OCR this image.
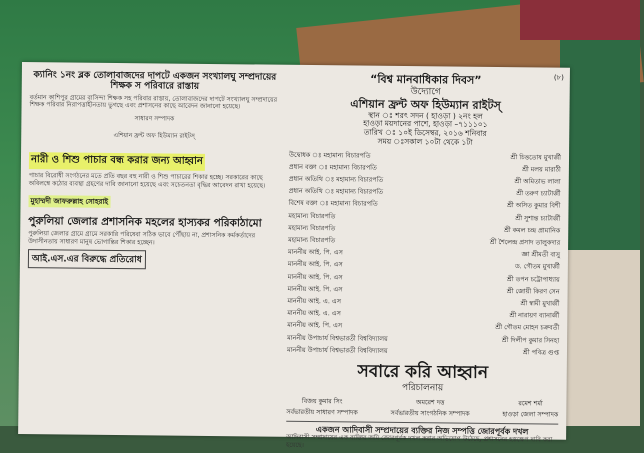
(৮)

ক্যানিং ১নং ব্লক তোলাবাজদের দাপটে একজন সংখ্যালঘু সম্প্রদায়ের শিক্ষক স পরিবারে রাস্তায়

বর্তমান কাশিপুর গ্রামের বাসিন্দা শিক্ষক সহ পরিবার রাস্তায়, তোলাবাজদের দাপটে সংখ্যালঘু সম্প্রদায়ের শিক্ষক পরিবার নিরাপত্তাহীনতায় ভুগছে এবং প্রশাসনের কাছে আবেদন জানানো হয়েছে।

সাধারণ সম্পাদক

এশিয়ান ফ্রন্ট অফ হিউম্যান রাইটস্

নারী ও শিশু পাচার বন্ধ করার জন্য আহ্বান

পাচার বিরোধী সংগঠনের মতে প্রতি বছর বহু নারী ও শিশু পাচারের শিকার হচ্ছে। সরকারের কাছে অবিলম্বে কঠোর ব্যবস্থা গ্রহণের দাবি জানানো হয়েছে এবং সচেতনতা বৃদ্ধির আবেদন রাখা হয়েছে।

মুহাম্মদী জাফরুল্লাহ সোহরাই

পুরুলিয়া জেলার প্রশাসনিক মহলের হাস্যকর পরিকাঠামো

পুরুলিয়া জেলার গ্রামে গ্রামে সরকারি পরিষেবা সঠিক ভাবে পৌঁছায় না, প্রশাসনিক কর্মকর্তাদের উদাসীনতায় সাধারণ মানুষ ভোগান্তির শিকার হচ্ছেন।

আই.এস.এর বিরুদ্ধে প্রতিরোধ

“বিশ্ব মানবাধিকার দিবস”

উদ্যোগে

এশিয়ান ফ্রন্ট অফ হিউম্যান রাইটস্

স্থান ঃ শরৎ সদন ( হাওড়া ) ২নং হল

হাওড়া ময়দানের পাশে, হাওড়া –৭১১১০১

তারিখ ঃ ১০ই ডিসেম্বর, ২০১৬ শনিবার

সময় ঃসকাল ১০টা থেকে ১টা

উদ্বোধক ঃ মহামান্য বিচারপতি	শ্রী চিত্ততোষ মুখার্জী
প্রধান বক্তা ঃ মহামান্য বিচারপতি	শ্রী মলয় মারাঠী
প্রধান অতিথি ঃ মহামান্য বিচারপতি	শ্রী অমিতাভ লালা
প্রধান অতিথি ঃ মহামান্য বিচারপতি	শ্রী তরুণ চ্যাটার্জী
বিশেষ বক্তা ঃ মহামান্য বিচারপতি	শ্রী অসিত কুমার বিশী
মহামান্য বিচারপতি	শ্রী সুশান্ত চ্যাটার্জী
মহামান্য বিচারপতি	শ্রী কমল চন্দ্র প্রামানিক
মহামান্য বিচারপতি	শ্রী শৈলেন্দ্র প্রসাদ তালুকদার
মাননীয় আই. পি. এস	জ্ঞা শ্রীমতী বাসু
মাননীয় আই. পি. এস	ড. গৌতম মুখার্জী
মাননীয় আই. পি. এস	শ্রী তপন চট্টোপাধ্যায়
মাননীয় আই. পি. এস	শ্রী জোয়ী কিরণ সেন
মাননীয় আই. এ. এস	শ্রী স্বামী মুখার্জী
মাননীয় আই. এ. এস	শ্রী নারায়ণ ব্যানার্জী
মাননীয় আই. পি. এস	শ্রী গৌতম মোহন চক্রবর্তী
মাননীয় উপাচার্য বিশ্বভারতী বিশ্ববিদ্যালয়	শ্রী দিলীপ কুমার সিনহা
মাননীয় উপাচার্য বিশ্বভারতী বিশ্ববিদ্যালয়	শ্রী পবিত্র গুপ্ত

সবারে করি আহ্বান

পরিচালনায়

বিজয় কুমার সিং
সর্বভারতীয় সাধারণ সম্পাদক
অমরেশ দত্ত
সর্বভারতীয় সাংগঠনিক সম্পাদক
রমেশ শর্মা
হাওড়া জেলা সম্পাদক

একজন আদিবাসী সম্প্রদায়ের ব্যক্তির নিজ সম্পত্তি জোরপূর্বক দখল

আদিবাসী সম্প্রদায়ের এক ব্যক্তির জমি জোরপূর্বক দখল করার অভিযোগ উঠেছে, প্রশাসনের হস্তক্ষেপ দাবি করা হয়েছে।
